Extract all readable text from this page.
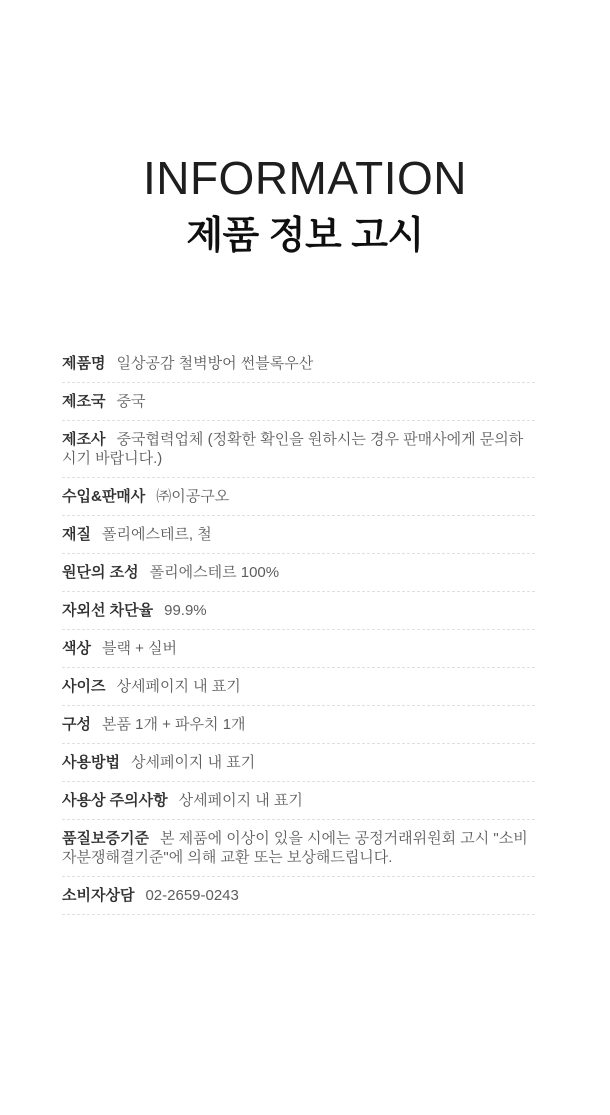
INFORMATION
제품 정보 고시
제품명 일상공감 철벽방어 썬블록우산
제조국 중국
제조사 중국협력업체 (정확한 확인을 원하시는 경우 판매사에게 문의하시기 바랍니다.)
수입&판매사 ㈜이공구오
재질 폴리에스테르, 철
원단의 조성 폴리에스테르 100%
자외선 차단율 99.9%
색상 블랙 + 실버
사이즈 상세페이지 내 표기
구성 본품 1개 + 파우치 1개
사용방법 상세페이지 내 표기
사용상 주의사항 상세페이지 내 표기
품질보증기준 본 제품에 이상이 있을 시에는 공정거래위원회 고시 "소비자분쟁해결기준"에 의해 교환 또는 보상해드립니다.
소비자상담 02-2659-0243
